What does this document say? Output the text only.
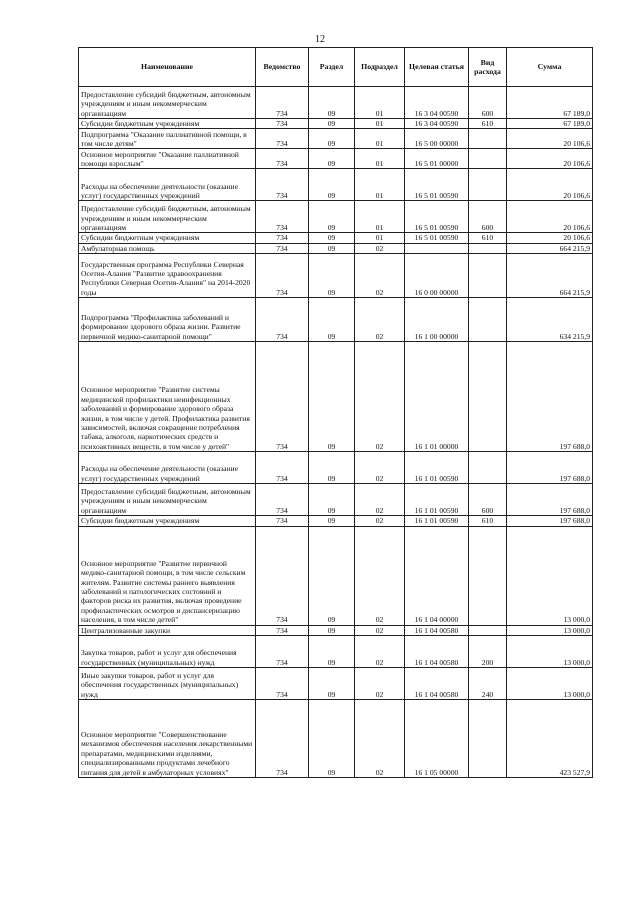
12
Наименование	Ведомство	Раздел	Подраздел	Целевая статья	Вид расхода	Сумма
Предоставление субсидий бюджетным, автономным учреждениям и иным некоммерческим организациям	734	09	01	16 3 04 00590	600	67 189,0
Субсидии бюджетным учреждениям	734	09	01	16 3 04 00590	610	67 189,0
Подпрограмма "Оказание паллиативной помощи, в том числе детям"	734	09	01	16 5 00 00000		20 106,6
Основное мероприятие "Оказание паллиативной помощи взрослым"	734	09	01	16 5 01 00000		20 106,6
Расходы на обеспечение деятельности (оказание услуг) государственных учреждений	734	09	01	16 5 01 00590		20 106,6
Предоставление субсидий бюджетным, автономным учреждениям и иным некоммерческим организациям	734	09	01	16 5 01 00590	600	20 106,6
Субсидии бюджетным учреждениям	734	09	01	16 5 01 00590	610	20 106,6
Амбулаторная помощь	734	09	02			664 215,9
Государственная программа Республики Северная Осетия-Алания "Развитие здравоохранения Республики Северная Осетия-Алания" на 2014-2020 годы	734	09	02	16 0 00 00000		664 215,9
Подпрограмма "Профилактика заболеваний и формирование здорового образа жизни. Развитие первичной медико-санитарной помощи"	734	09	02	16 1 00 00000		634 215,9
Основное мероприятие "Развитие системы медицинской профилактики неинфекционных заболеваний и формирование здорового образа жизни, в том числе у детей. Профилактика развития зависимостей, включая сокращение потребления табака, алкоголя, наркотических средств и психоактивных веществ, в том числе у детей"	734	09	02	16 1 01 00000		197 688,0
Расходы на обеспечение деятельности (оказание услуг) государственных учреждений	734	09	02	16 1 01 00590		197 688,0
Предоставление субсидий бюджетным, автономным учреждениям и иным некоммерческим организациям	734	09	02	16 1 01 00590	600	197 688,0
Субсидии бюджетным учреждениям	734	09	02	16 1 01 00590	610	197 688,0
Основное мероприятие "Развитие первичной медико-санитарной помощи, в том числе сельским жителям. Развитие системы раннего выявления заболеваний и патологических состояний и факторов риска их развития, включая проведение профилактических осмотров и диспансеризацию населения, в том числе детей"	734	09	02	16 1 04 00000		13 000,0
Централизованные закупки	734	09	02	16 1 04 00580		13 000,0
Закупка товаров, работ и услуг для обеспечения государственных (муниципальных) нужд	734	09	02	16 1 04 00580	200	13 000,0
Иные закупки товаров, работ и услуг для обеспечения государственных (муниципальных) нужд	734	09	02	16 1 04 00580	240	13 000,0
Основное мероприятие "Совершенствование механизмов обеспечения населения лекарственными препаратами, медицинскими изделиями, специализированными продуктами лечебного питания для детей в амбулаторных условиях"	734	09	02	16 1 05 00000		423 527,9
